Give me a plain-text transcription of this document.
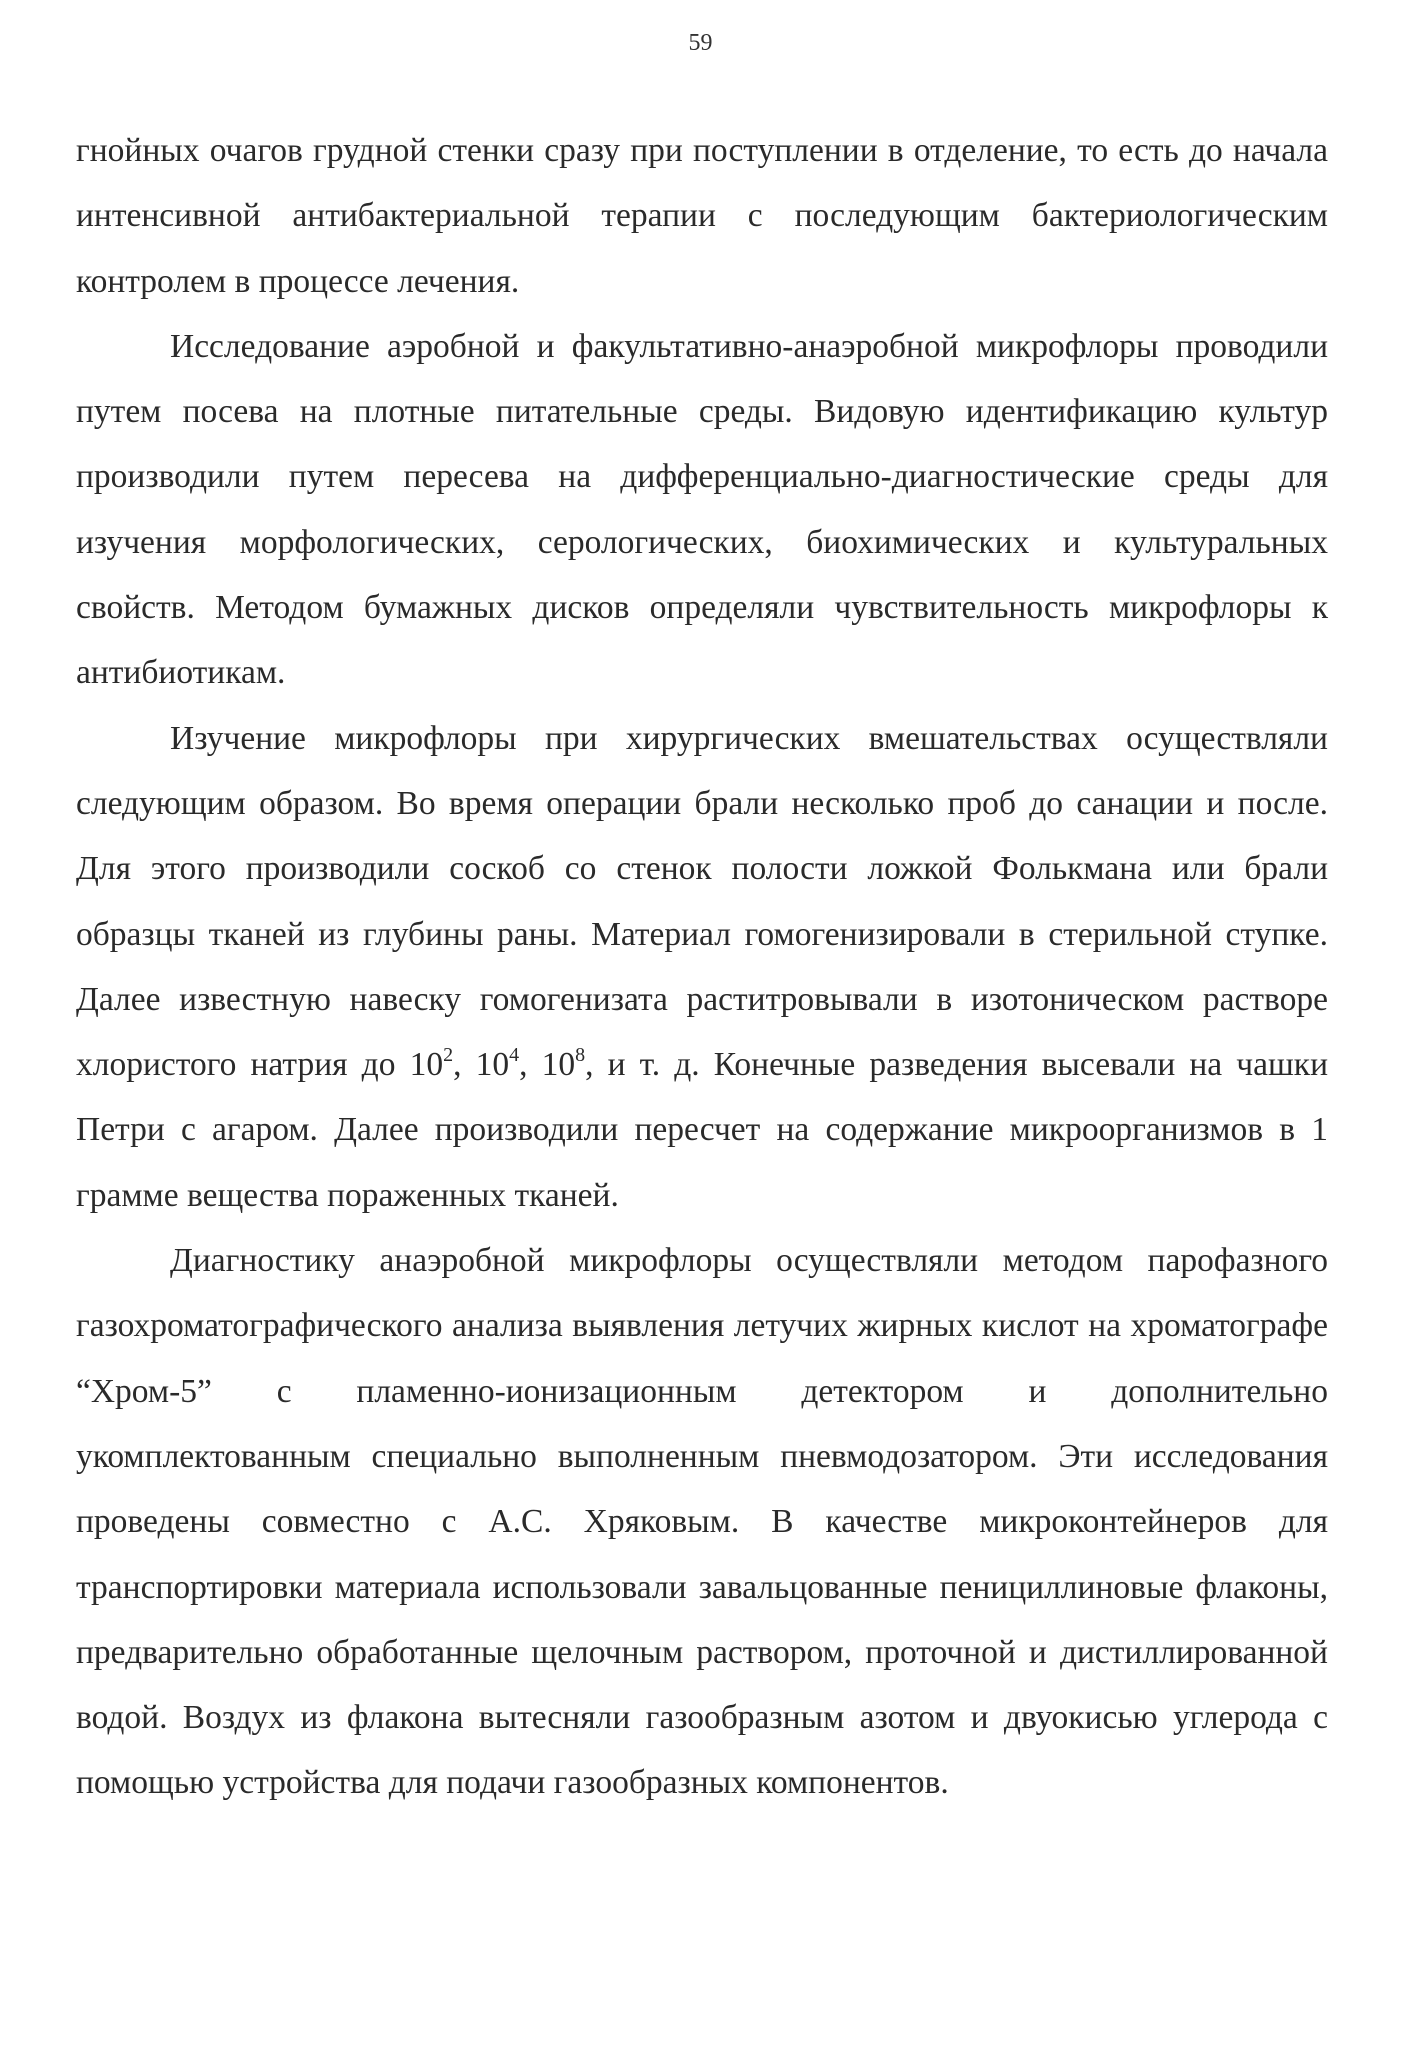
59

гнойных очагов грудной стенки сразу при поступлении в отделение, то есть до начала интенсивной антибактериальной терапии с последующим бактериологическим контролем в процессе лечения.

Исследование аэробной и факультативно-анаэробной микрофлоры проводили путем посева на плотные питательные среды. Видовую идентификацию культур производили путем пересева на дифференциально-диагностические среды для изучения морфологических, серологических, биохимических и культуральных свойств. Методом бумажных дисков определяли чувствительность микрофлоры к антибиотикам.

Изучение микрофлоры при хирургических вмешательствах осуществляли следующим образом. Во время операции брали несколько проб до санации и после. Для этого производили соскоб со стенок полости ложкой Фолькмана или брали образцы тканей из глубины раны. Материал гомогенизировали в стерильной ступке. Далее известную навеску гомогенизата раститровывали в изотоническом растворе хлористого натрия до $10^2$, $10^4$, $10^8$, и т. д. Конечные разведения высевали на чашки Петри с агаром. Далее производили пересчет на содержание микроорганизмов в 1 грамме вещества пораженных тканей.

Диагностику анаэробной микрофлоры осуществляли методом парофазного газохроматографического анализа выявления летучих жирных кислот на хроматографе “Хром-5” с пламенно-ионизационным детектором и дополнительно укомплектованным специально выполненным пневмодозатором. Эти исследования проведены совместно с А.С. Хряковым. В качестве микроконтейнеров для транспортировки материала использовали завальцованные пенициллиновые флаконы, предварительно обработанные щелочным раствором, проточной и дистиллированной водой. Воздух из флакона вытесняли газообразным азотом и двуокисью углерода с помощью устройства для подачи газообразных компонентов.
